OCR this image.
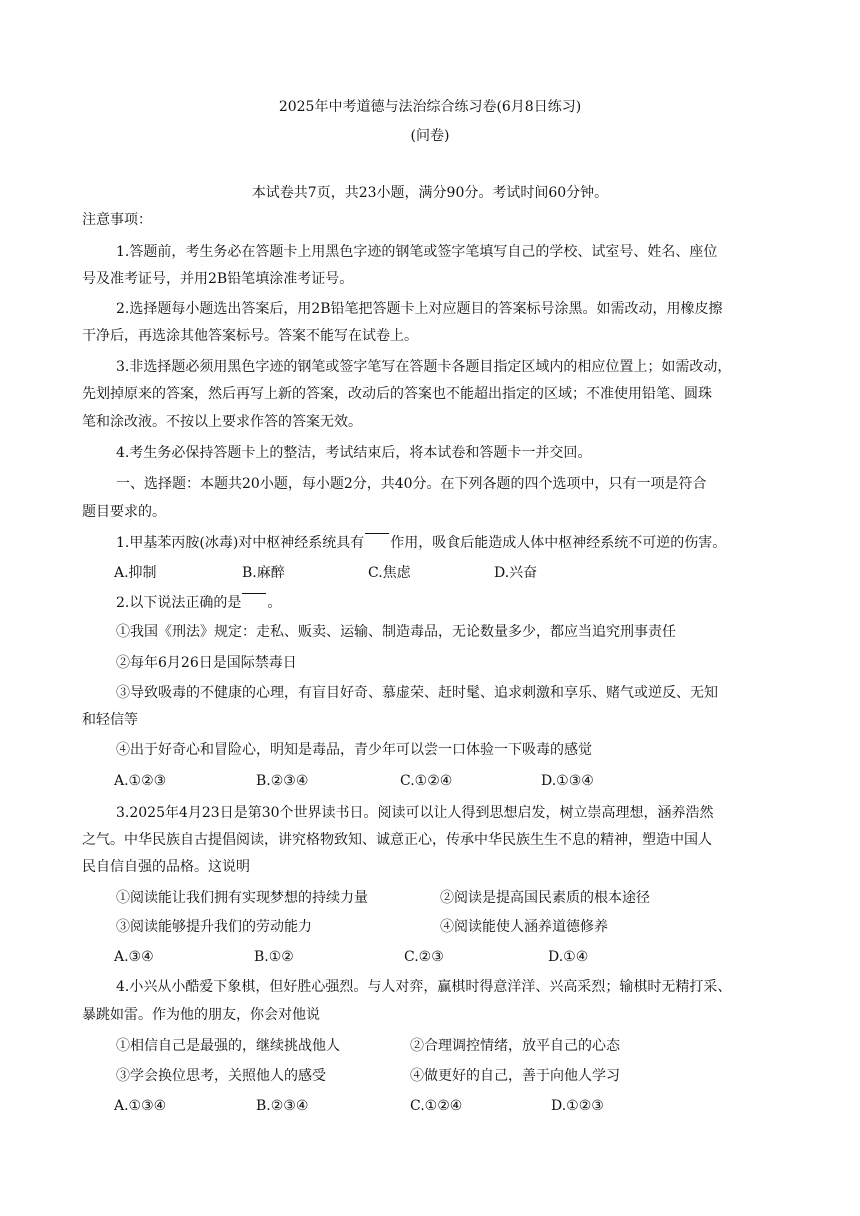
2025年中考道德与法治综合练习卷(6月8日练习)
(问卷)
本试卷共7页，共23小题，满分90分。考试时间60分钟。
注意事项：
1.答题前，考生务必在答题卡上用黑色字迹的钢笔或签字笔填写自己的学校、试室号、姓名、座位
号及准考证号，并用2B铅笔填涂准考证号。
2.选择题每小题选出答案后，用2B铅笔把答题卡上对应题目的答案标号涂黑。如需改动，用橡皮擦
干净后，再选涂其他答案标号。答案不能写在试卷上。
3.非选择题必须用黑色字迹的钢笔或签字笔写在答题卡各题目指定区域内的相应位置上；如需改动，
先划掉原来的答案，然后再写上新的答案，改动后的答案也不能超出指定的区域；不准使用铅笔、圆珠
笔和涂改液。不按以上要求作答的答案无效。
4.考生务必保持答题卡上的整洁，考试结束后，将本试卷和答题卡一并交回。
一、选择题：本题共20小题，每小题2分，共40分。在下列各题的四个选项中，只有一项是符合
题目要求的。
1.甲基苯丙胺(冰毒)对中枢神经系统具有 作用，吸食后能造成人体中枢神经系统不可逆的伤害。
A.抑制	B.麻醉	C.焦虑	D.兴奋
2.以下说法正确的是 。
①我国《刑法》规定：走私、贩卖、运输、制造毒品，无论数量多少，都应当追究刑事责任
②每年6月26日是国际禁毒日
③导致吸毒的不健康的心理，有盲目好奇、慕虚荣、赶时髦、追求刺激和享乐、赌气或逆反、无知
和轻信等
④出于好奇心和冒险心，明知是毒品，青少年可以尝一口体验一下吸毒的感觉
A.①②③	B.②③④	C.①②④	D.①③④
3.2025年4月23日是第30个世界读书日。阅读可以让人得到思想启发，树立崇高理想，涵养浩然
之气。中华民族自古提倡阅读，讲究格物致知、诚意正心，传承中华民族生生不息的精神，塑造中国人
民自信自强的品格。这说明
①阅读能让我们拥有实现梦想的持续力量	②阅读是提高国民素质的根本途径
③阅读能够提升我们的劳动能力	④阅读能使人涵养道德修养
A.③④	B.①②	C.②③	D.①④
4.小兴从小酷爱下象棋，但好胜心强烈。与人对弈，赢棋时得意洋洋、兴高采烈；输棋时无精打采、
暴跳如雷。作为他的朋友，你会对他说
①相信自己是最强的，继续挑战他人	②合理调控情绪，放平自己的心态
③学会换位思考，关照他人的感受	④做更好的自己，善于向他人学习
A.①③④	B.②③④	C.①②④	D.①②③
